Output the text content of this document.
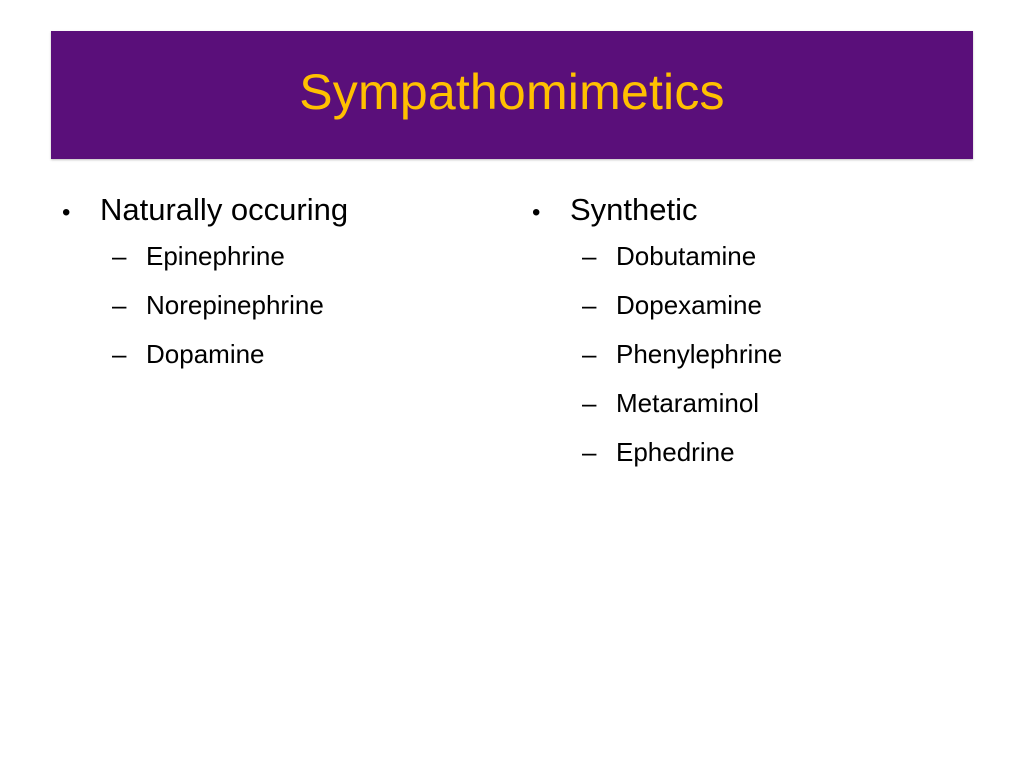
Sympathomimetics
• Naturally occuring
– Epinephrine
– Norepinephrine
– Dopamine
• Synthetic
– Dobutamine
– Dopexamine
– Phenylephrine
– Metaraminol
– Ephedrine
